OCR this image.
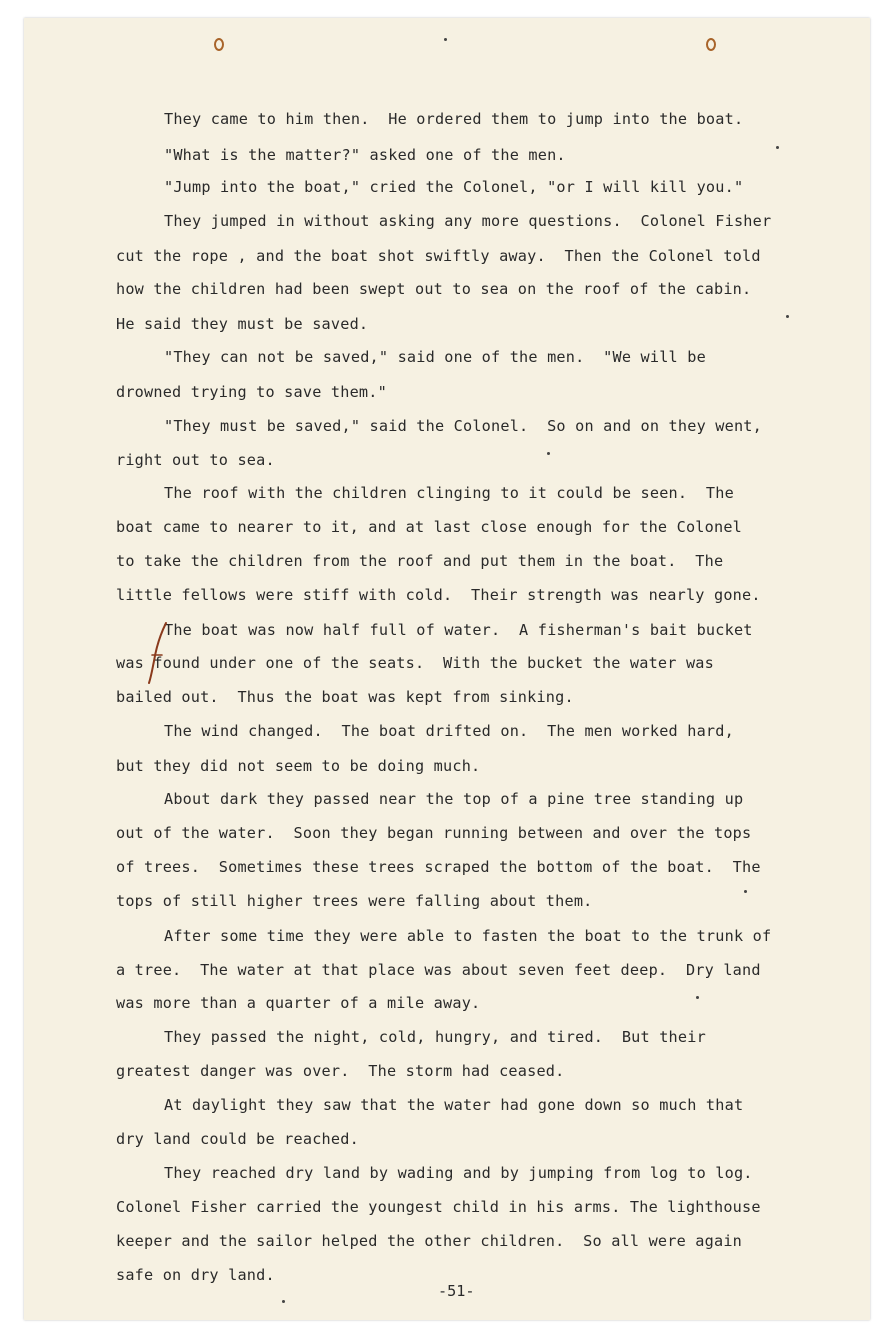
They came to him then.  He ordered them to jump into the boat.
"What is the matter?" asked one of the men.
"Jump into the boat," cried the Colonel, "or I will kill you."
They jumped in without asking any more questions.  Colonel Fisher
cut the rope , and the boat shot swiftly away.  Then the Colonel told
how the children had been swept out to sea on the roof of the cabin.
He said they must be saved.
"They can not be saved," said one of the men.  "We will be
drowned trying to save them."
"They must be saved," said the Colonel.  So on and on they went,
right out to sea.
The roof with the children clinging to it could be seen.  The
boat came to nearer to it, and at last close enough for the Colonel
to take the children from the roof and put them in the boat.  The
little fellows were stiff with cold.  Their strength was nearly gone.
The boat was now half full of water.  A fisherman's bait bucket
was found under one of the seats.  With the bucket the water was
bailed out.  Thus the boat was kept from sinking.
The wind changed.  The boat drifted on.  The men worked hard,
but they did not seem to be doing much.
About dark they passed near the top of a pine tree standing up
out of the water.  Soon they began running between and over the tops
of trees.  Sometimes these trees scraped the bottom of the boat.  The
tops of still higher trees were falling about them.
After some time they were able to fasten the boat to the trunk of
a tree.  The water at that place was about seven feet deep.  Dry land
was more than a quarter of a mile away.
They passed the night, cold, hungry, and tired.  But their
greatest danger was over.  The storm had ceased.
At daylight they saw that the water had gone down so much that
dry land could be reached.
They reached dry land by wading and by jumping from log to log.
Colonel Fisher carried the youngest child in his arms. The lighthouse
keeper and the sailor helped the other children.  So all were again
safe on dry land.
-51-
